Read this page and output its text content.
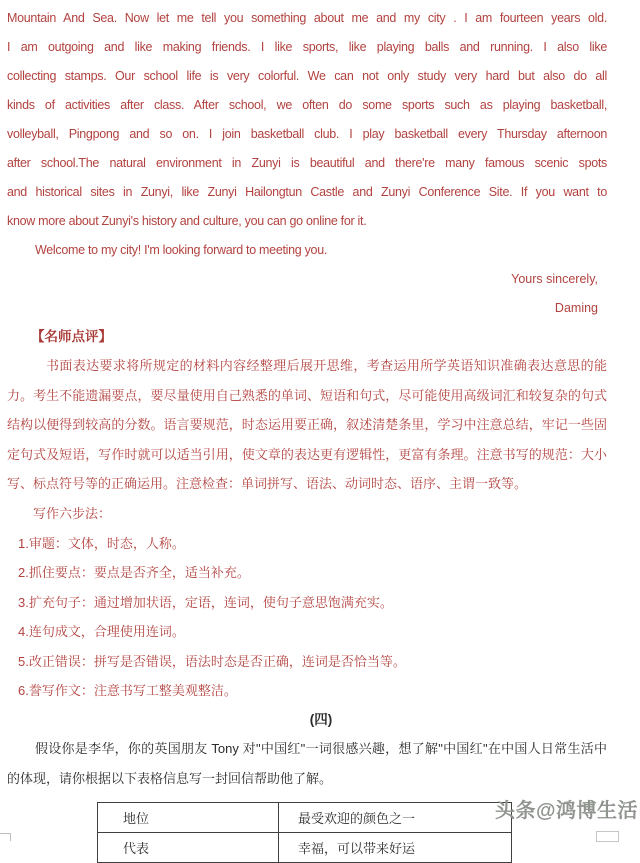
Mountain And Sea. Now let me tell you something about me and my city . I am fourteen years old.
I am outgoing and like making friends. I like sports, like playing balls and running. I also like
collecting stamps. Our school life is very colorful. We can not only study very hard but also do all
kinds of activities after class. After school, we often do some sports such as playing basketball,
volleyball, Pingpong and so on. I join basketball club. I play basketball every Thursday afternoon
after school.The natural environment in Zunyi is beautiful and there're many famous scenic spots
and historical sites in Zunyi, like Zunyi Hailongtun Castle and Zunyi Conference Site. If you want to
know more about Zunyi's history and culture, you can go online for it.

Welcome to my city! I'm looking forward to meeting you.

Yours sincerely,

Daming

【名师点评】

书面表达要求将所规定的材料内容经整理后展开思维，考查运用所学英语知识准确表达意思的能力。考生不能遗漏要点，要尽量使用自己熟悉的单词、短语和句式，尽可能使用高级词汇和较复杂的句式结构以便得到较高的分数。语言要规范，时态运用要正确，叙述清楚条里，学习中注意总结，牢记一些固定句式及短语，写作时就可以适当引用，使文章的表达更有逻辑性，更富有条理。注意书写的规范：大小写、标点符号等的正确运用。注意检查：单词拼写、语法、动词时态、语序、主谓一致等。

写作六步法：

1.审题：文体，时态，人称。
2.抓住要点：要点是否齐全，适当补充。
3.扩充句子：通过增加状语，定语，连词，使句子意思饱满充实。
4.连句成文，合理使用连词。
5.改正错误：拼写是否错误，语法时态是否正确，连词是否恰当等。
6.誊写作文：注意书写工整美观整洁。

(四)

假设你是李华，你的英国朋友 Tony 对"中国红"一词很感兴趣，想了解"中国红"在中国人日常生活中的体现，请你根据以下表格信息写一封回信帮助他了解。

地位	最受欢迎的颜色之一
代表	幸福，可以带来好运
头条@鸿博生活
